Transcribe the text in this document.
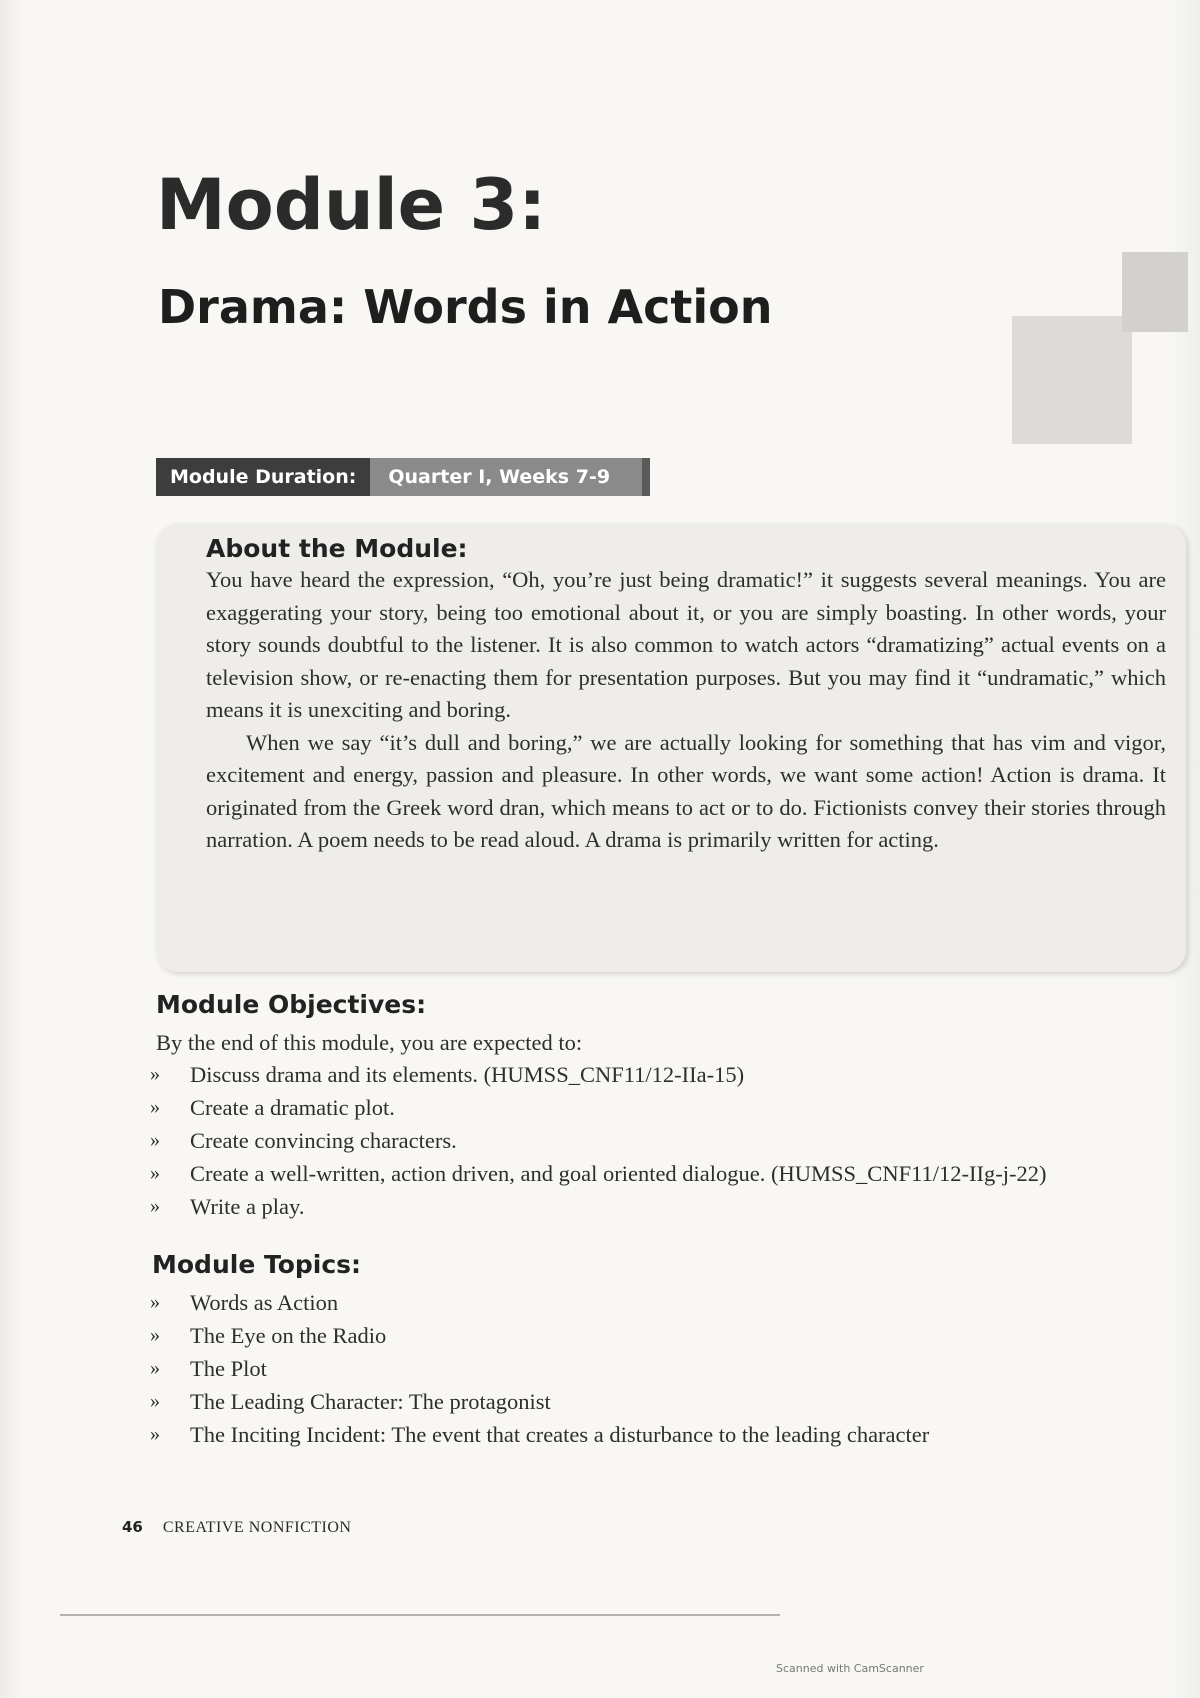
Module 3:
Drama: Words in Action
Module Duration:	Quarter I, Weeks 7-9
About the Module:

You have heard the expression, “Oh, you’re just being dramatic!” it suggests several meanings. You are exaggerating your story, being too emotional about it, or you are simply boasting. In other words, your story sounds doubtful to the listener. It is also common to watch actors “dramatizing” actual events on a television show, or re-enacting them for presentation purposes. But you may find it “undramatic,” which means it is unexciting and boring.

When we say “it’s dull and boring,” we are actually looking for something that has vim and vigor, excitement and energy, passion and pleasure. In other words, we want some action! Action is drama. It originated from the Greek word dran, which means to act or to do. Fictionists convey their stories through narration. A poem needs to be read aloud. A drama is primarily written for acting.

Module Objectives:
By the end of this module, you are expected to:
»	Discuss drama and its elements. (HUMSS_CNF11/12-IIa-15)
»	Create a dramatic plot.
»	Create convincing characters.
»	Create a well-written, action driven, and goal oriented dialogue. (HUMSS_CNF11/12-IIg-j-22)
»	Write a play.
Module Topics:
»	Words as Action
»	The Eye on the Radio
»	The Plot
»	The Leading Character: The protagonist
»	The Inciting Incident: The event that creates a disturbance to the leading character
46 CREATIVE NONFICTION
Scanned with CamScanner
